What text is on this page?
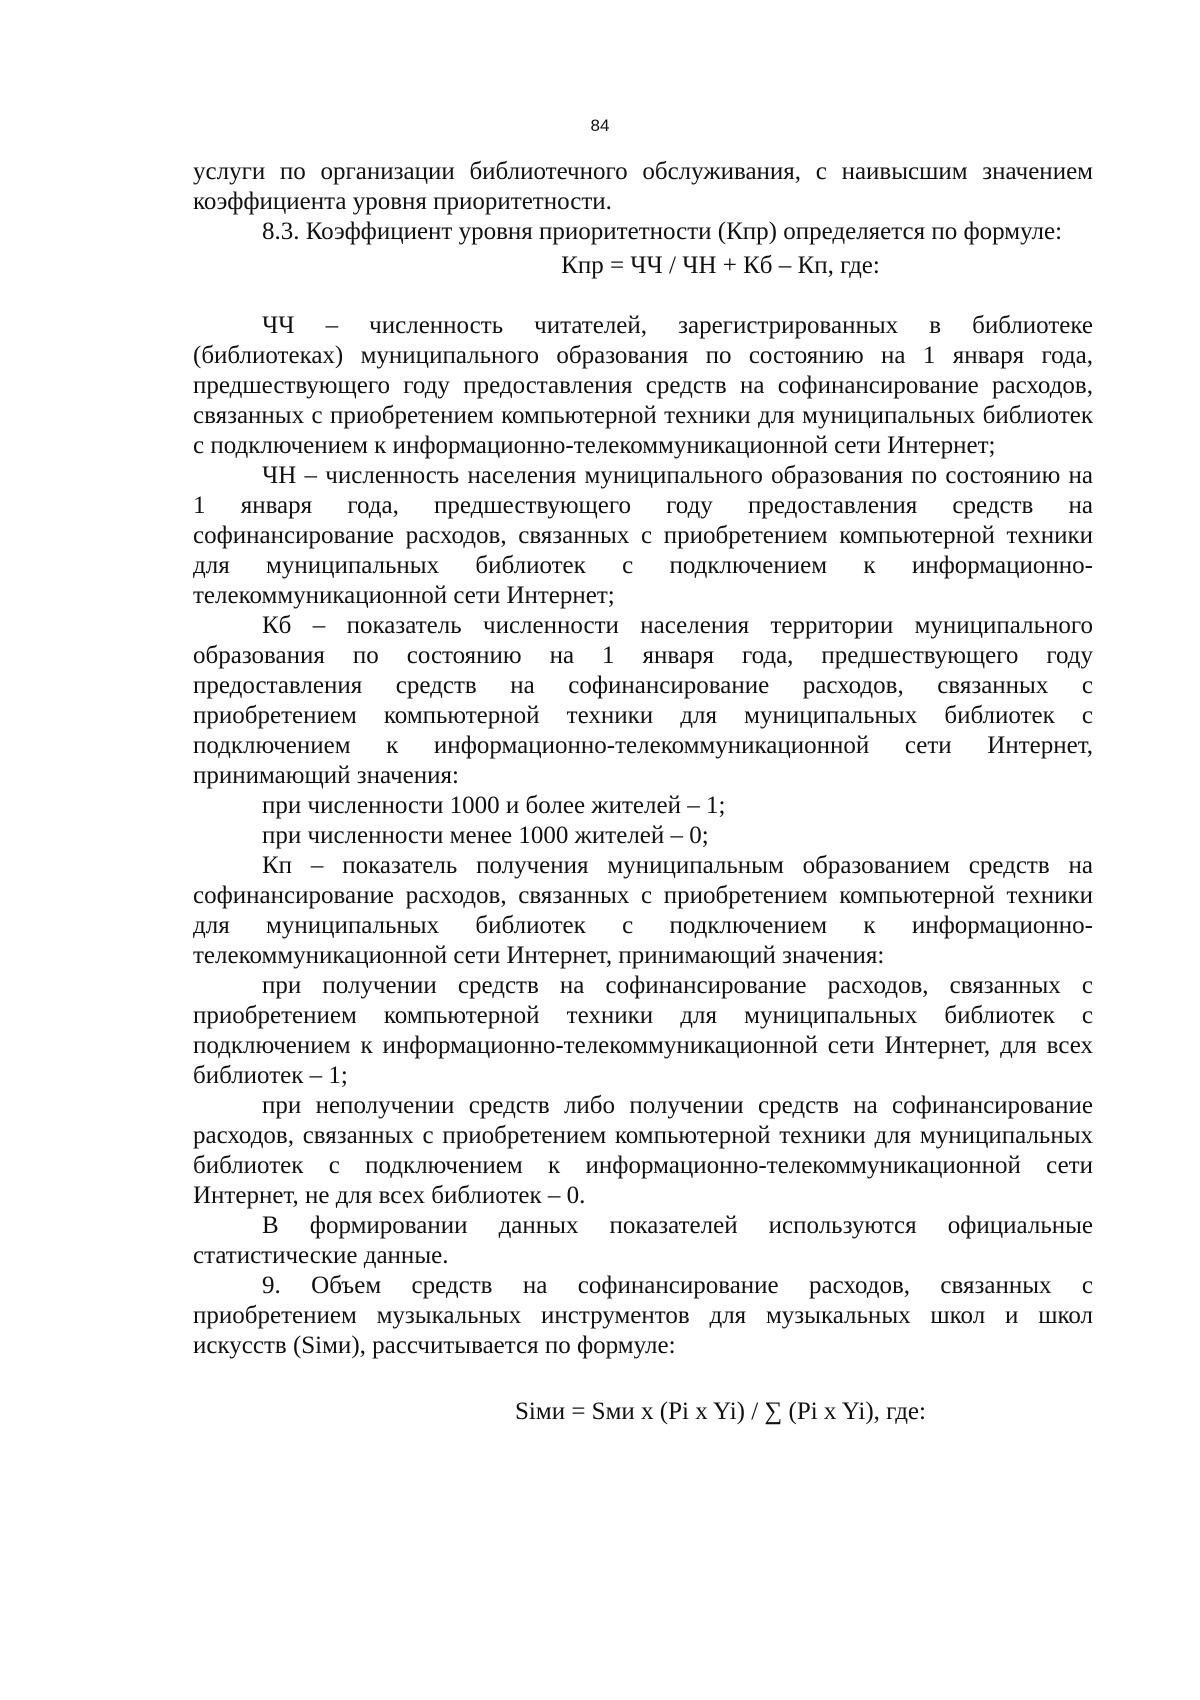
84

услуги по организации библиотечного обслуживания, с наивысшим значением коэффициента уровня приоритетности.

8.3. Коэффициент уровня приоритетности (Кпр) определяется по формуле:

Кпр = ЧЧ / ЧН + Кб – Кп, где:

ЧЧ – численность читателей, зарегистрированных в библиотеке (библиотеках) муниципального образования по состоянию на 1 января года, предшествующего году предоставления средств на софинансирование расходов, связанных с приобретением компьютерной техники для муниципальных библиотек с подключением к информационно-телекоммуникационной сети Интернет;

ЧН – численность населения муниципального образования по состоянию на 1 января года, предшествующего году предоставления средств на софинансирование расходов, связанных с приобретением компьютерной техники для муниципальных библиотек с подключением к информационно-телекоммуникационной сети Интернет;

Кб – показатель численности населения территории муниципального образования по состоянию на 1 января года, предшествующего году предоставления средств на софинансирование расходов, связанных с приобретением компьютерной техники для муниципальных библиотек с подключением к информационно-телекоммуникационной сети Интернет, принимающий значения:

при численности 1000 и более жителей – 1;

при численности менее 1000 жителей – 0;

Кп – показатель получения муниципальным образованием средств на софинансирование расходов, связанных с приобретением компьютерной техники для муниципальных библиотек с подключением к информационно-телекоммуникационной сети Интернет, принимающий значения:

при получении средств на софинансирование расходов, связанных с приобретением компьютерной техники для муниципальных библиотек с подключением к информационно-телекоммуникационной сети Интернет, для всех библиотек – 1;

при неполучении средств либо получении средств на софинансирование расходов, связанных с приобретением компьютерной техники для муниципальных библиотек с подключением к информационно-телекоммуникационной сети Интернет, не для всех библиотек – 0.

В формировании данных показателей используются официальные статистические данные.

9. Объем средств на софинансирование расходов, связанных с приобретением музыкальных инструментов для музыкальных школ и школ искусств (Siми), рассчитывается по формуле:

Siми = Sми x (Pi x Yi) / ∑ (Pi x Yi), где:
